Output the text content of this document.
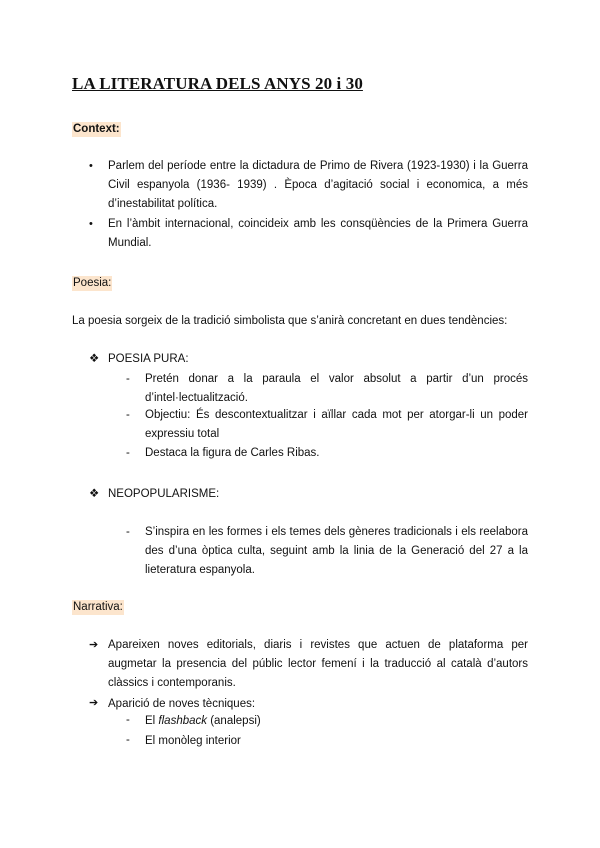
LA LITERATURA DELS ANYS 20 i 30
Context:
• Parlem del període entre la dictadura de Primo de Rivera (1923-1930) i la Guerra Civil espanyola (1936- 1939) . Època d’agitació social i economica, a més d’inestabilitat política.
• En l’àmbit internacional, coincideix amb les consqüències de la Primera Guerra Mundial.
Poesia:
La poesia sorgeix de la tradició simbolista que s’anirà concretant en dues tendències:
❖ POESIA PURA:
- Pretén donar a la paraula el valor absolut a partir d’un procés d’intel·lectualització.
- Objectiu: És descontextualitzar i aïllar cada mot per atorgar-li un poder expressiu total
- Destaca la figura de Carles Ribas.
❖ NEOPOPULARISME:
- S’inspira en les formes i els temes dels gèneres tradicionals i els reelabora des d’una òptica culta, seguint amb la linia de la Generació del 27 a la lieteratura espanyola.
Narrativa:
➔ Apareixen noves editorials, diaris i revistes que actuen de plataforma per augmetar la presencia del públic lector femení i la traducció al català d’autors clàssics i contemporanis.
➔ Aparició de noves tècniques:
- El flashback (analepsi)
- El monòleg interior
